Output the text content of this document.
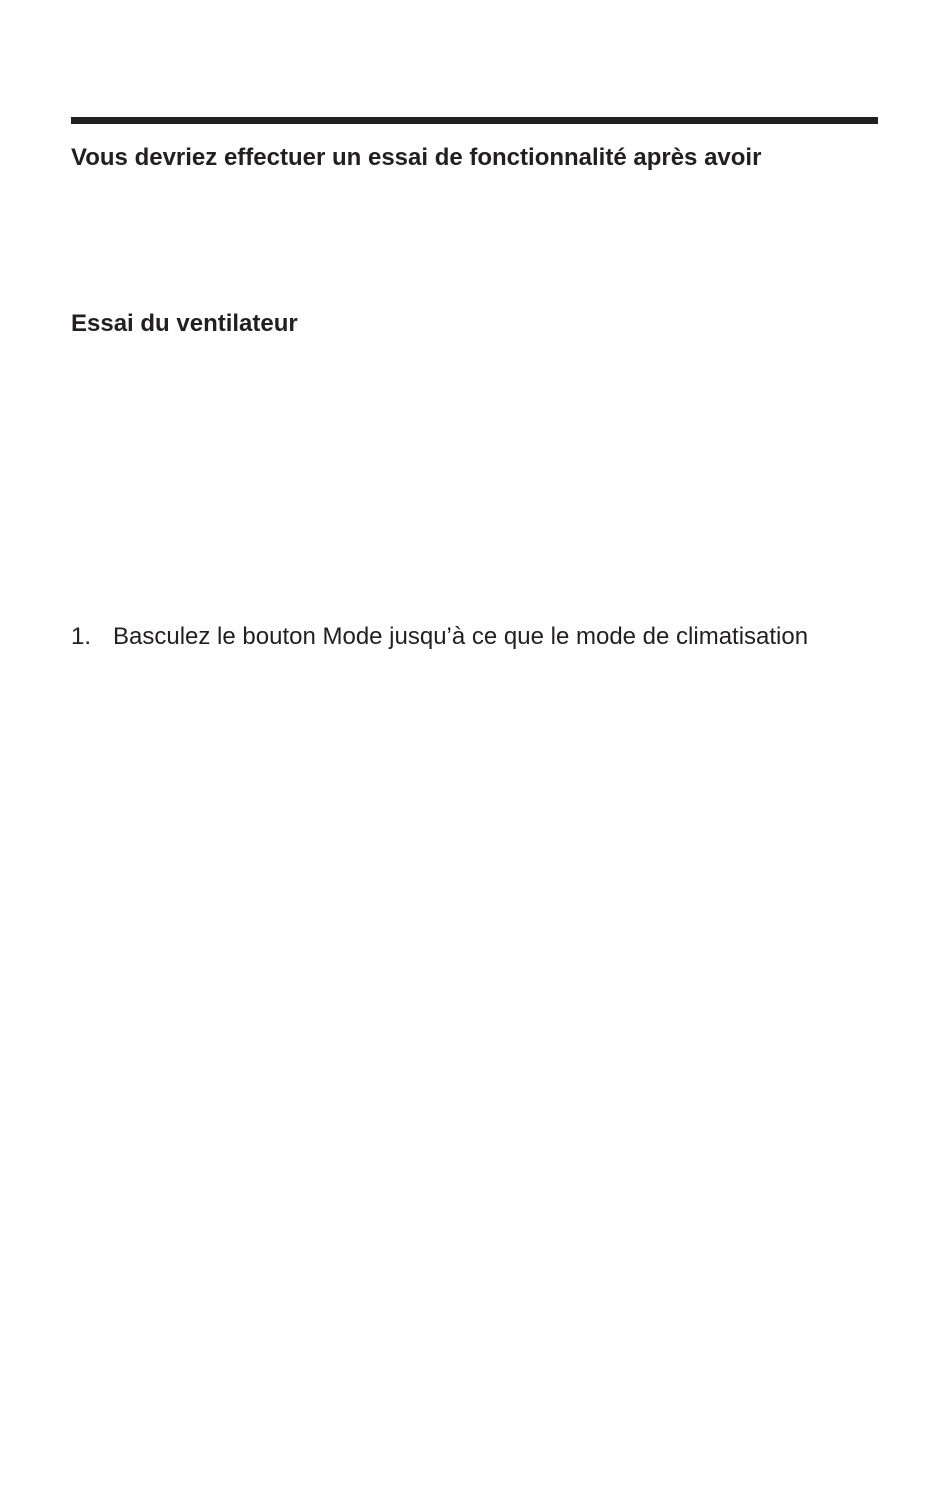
Vous devriez effectuer un essai de fonctionnalité après avoir
Essai du ventilateur
1. Basculez le bouton Mode jusqu’à ce que le mode de climatisation
